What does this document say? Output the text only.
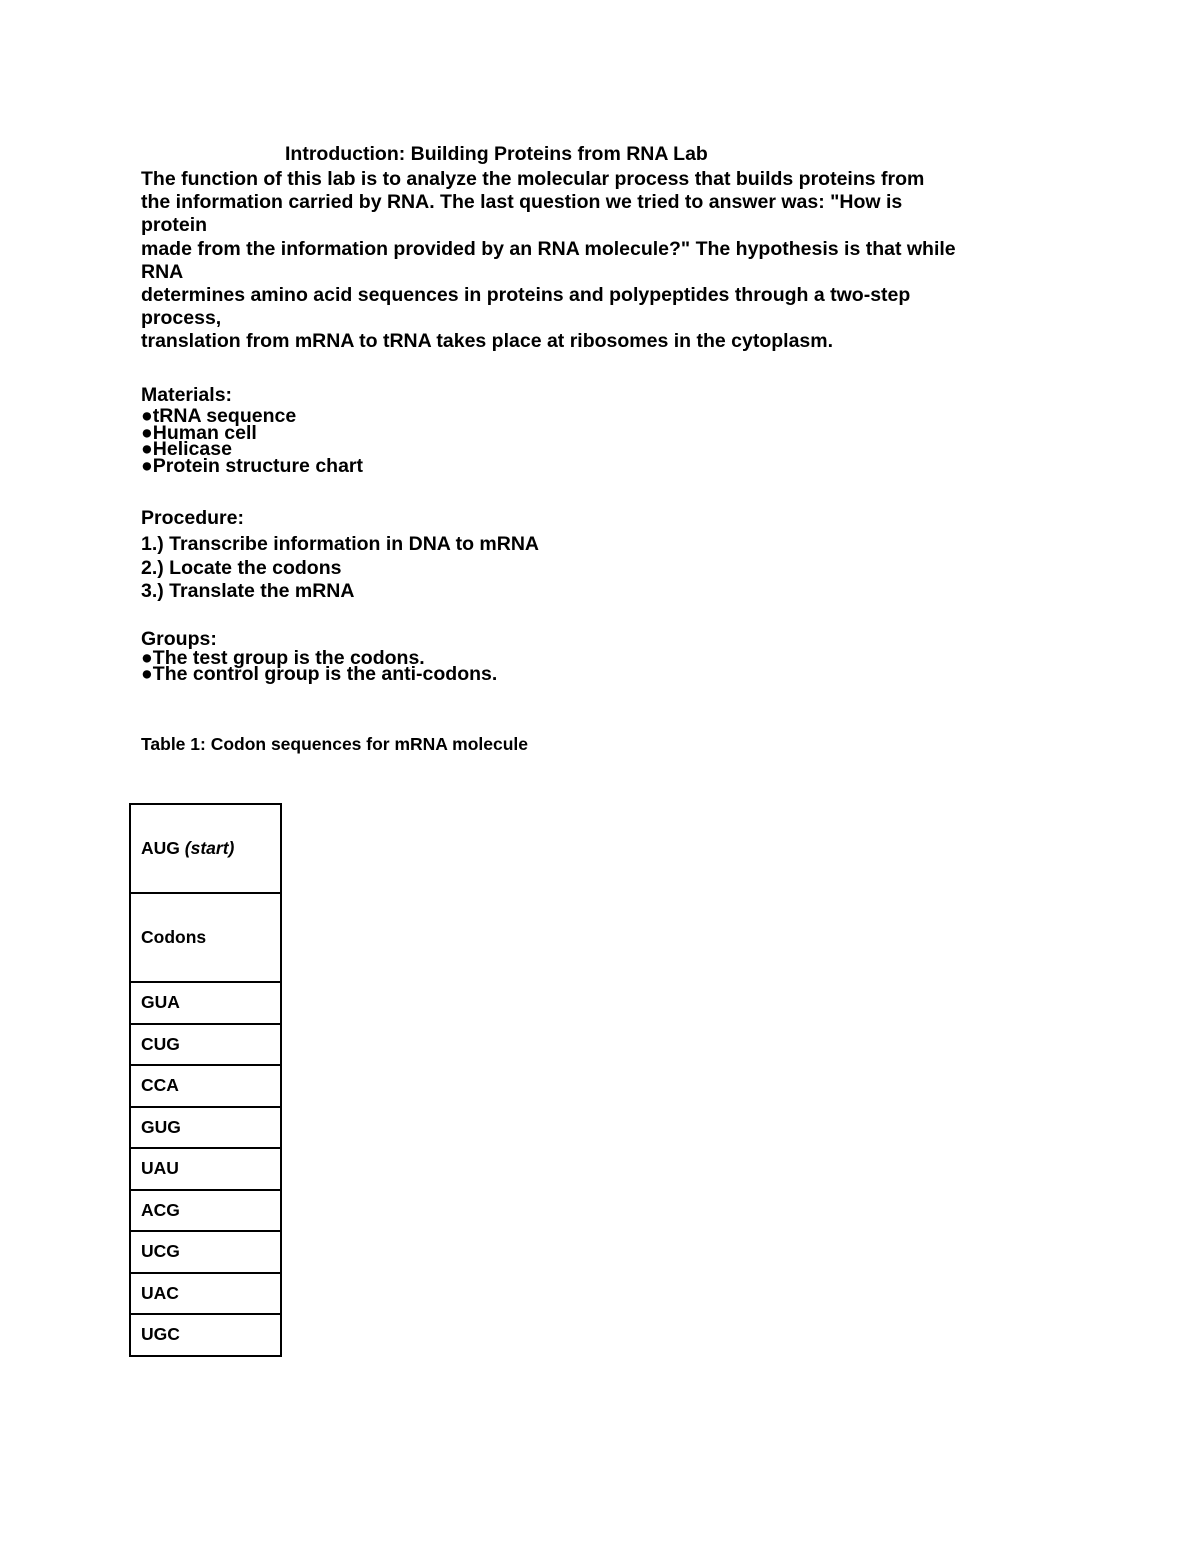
Introduction: Building Proteins from RNA Lab
The function of this lab is to analyze the molecular process that builds proteins from
the information carried by RNA. The last question we tried to answer was: "How is
protein
made from the information provided by an RNA molecule?" The hypothesis is that while
RNA
determines amino acid sequences in proteins and polypeptides through a two-step
process,
translation from mRNA to tRNA takes place at ribosomes in the cytoplasm.
Materials:
●tRNA sequence
●Human cell
●Helicase
●Protein structure chart
Procedure:
1.) Transcribe information in DNA to mRNA
2.) Locate the codons
3.) Translate the mRNA
Groups:
●The test group is the codons.
●The control group is the anti-codons.
Table 1: Codon sequences for mRNA molecule
AUG (start)
Codons
GUA
CUG
CCA
GUG
UAU
ACG
UCG
UAC
UGC
